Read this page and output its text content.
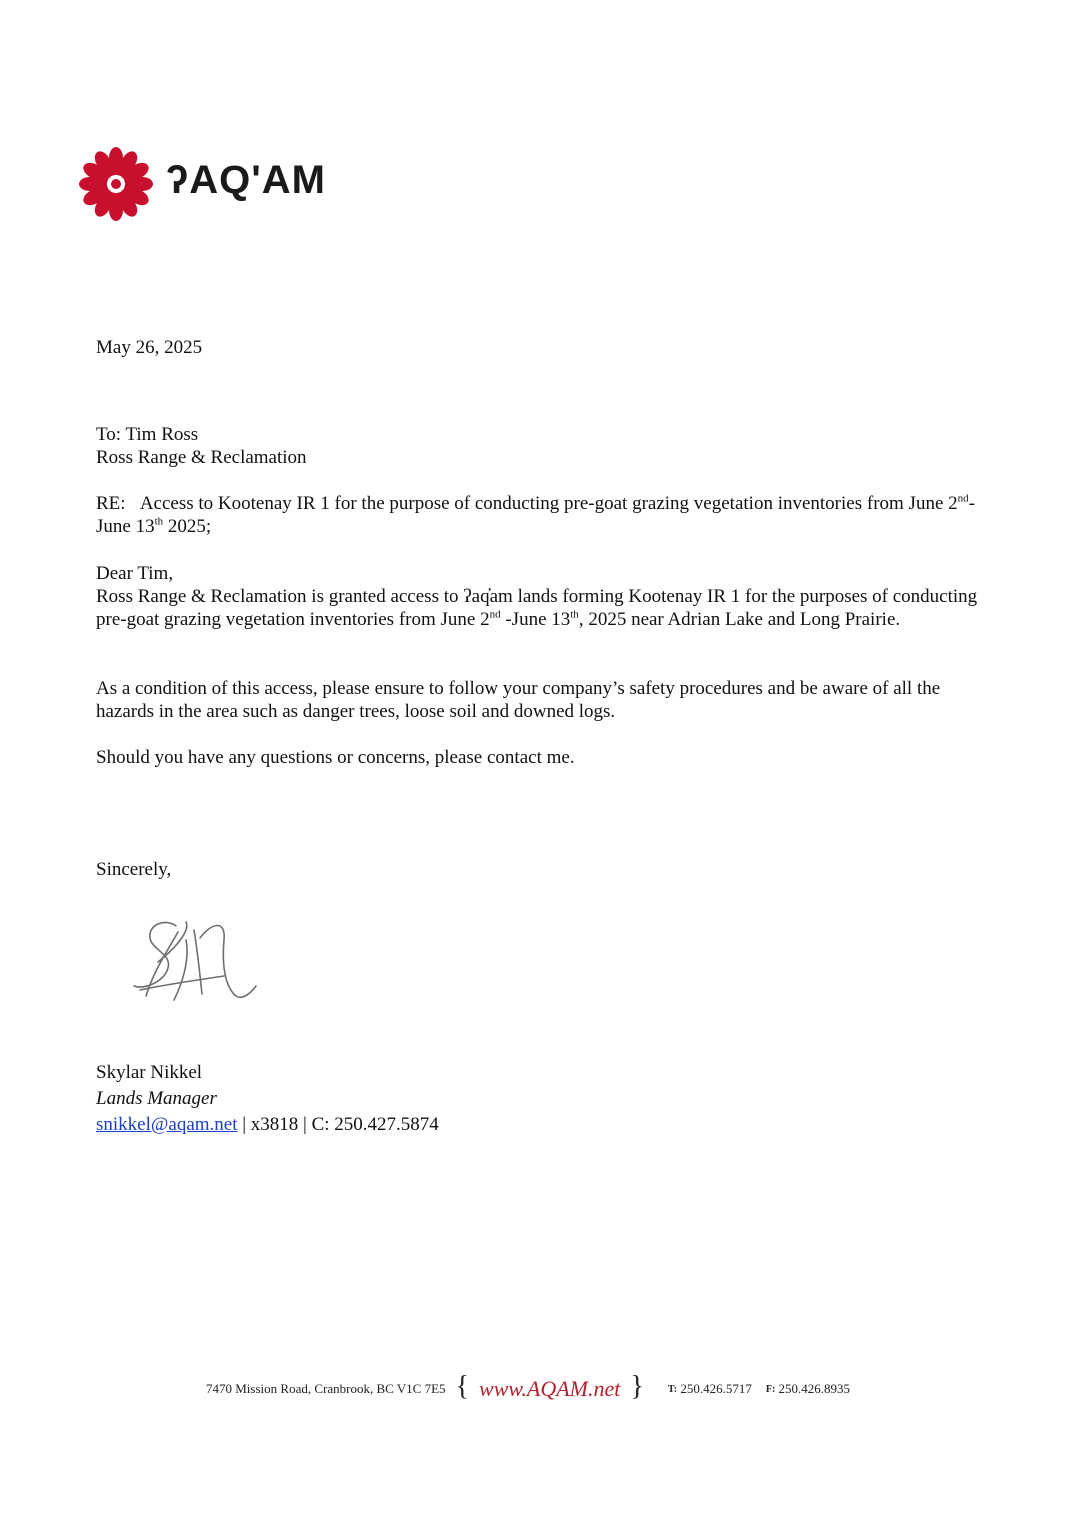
ʔAQ'AM

May 26, 2025

To: Tim Ross

Ross Range & Reclamation

RE: Access to Kootenay IR 1 for the purpose of conducting pre-goat grazing vegetation inventories from June 2nd-June 13th 2025;

Dear Tim,

Ross Range & Reclamation is granted access to ʔaq̓am lands forming Kootenay IR 1 for the purposes of conducting pre-goat grazing vegetation inventories from June 2nd -June 13th, 2025 near Adrian Lake and Long Prairie.

As a condition of this access, please ensure to follow your company’s safety procedures and be aware of all the hazards in the area such as danger trees, loose soil and downed logs.

Should you have any questions or concerns, please contact me.

Sincerely,

Skylar Nikkel

Lands Manager

snikkel@aqam.net | x3818 | C: 250.427.5874

7470 Mission Road, Cranbrook, BC V1C 7E5 { www.AQAM.net } T:
250.426.5717 F:
250.426.8935
